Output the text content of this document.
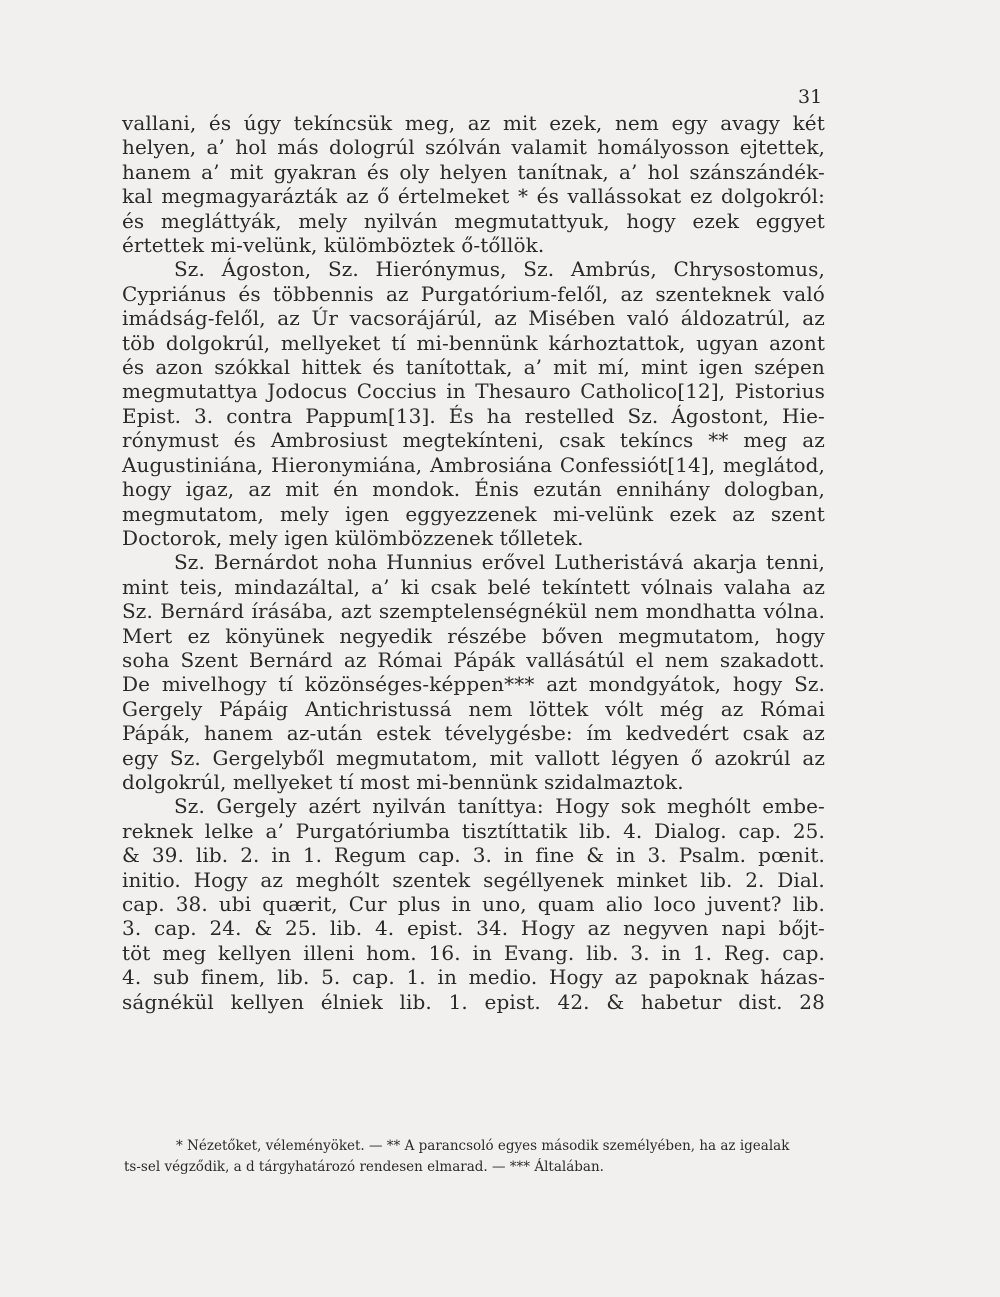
31
vallani, és úgy tekíncsük meg, az mit ezek, nem egy avagy két
helyen, a’ hol más dologrúl szólván valamit homályosson ejtettek,
hanem a’ mit gyakran és oly helyen tanítnak, a’ hol szánszándék-
kal megmagyarázták az ő értelmeket * és vallássokat ez dolgokról:
és megláttyák, mely nyilván megmutattyuk, hogy ezek eggyet
értettek mi-velünk, külömböztek ő-tőllök.
Sz. Ágoston, Sz. Hierónymus, Sz. Ambrús, Chrysostomus,
Cypriánus és többennis az Purgatórium-felől, az szenteknek való
imádság-felől, az Úr vacsorájárúl, az Misében való áldozatrúl, az
töb dolgokrúl, mellyeket tí mi-bennünk kárhoztattok, ugyan azont
és azon szókkal hittek és tanítottak, a’ mit mí, mint igen szépen
megmutattya Jodocus Coccius in Thesauro Catholico[12], Pistorius
Epist. 3. contra Pappum[13]. És ha restelled Sz. Ágostont, Hie-
rónymust és Ambrosiust megtekínteni, csak tekíncs ** meg az
Augustiniána, Hieronymiána, Ambrosiána Confessiót[14], meglátod,
hogy igaz, az mit én mondok. Énis ezután ennihány dologban,
megmutatom, mely igen eggyezzenek mi-velünk ezek az szent
Doctorok, mely igen külömbözzenek tőlletek.
Sz. Bernárdot noha Hunnius erővel Lutheristává akarja tenni,
mint teis, mindazáltal, a’ ki csak belé tekíntett vólnais valaha az
Sz. Bernárd írásába, azt szemptelenségnékül nem mondhatta vólna.
Mert ez könyünek negyedik részébe bőven megmutatom, hogy
soha Szent Bernárd az Római Pápák vallásátúl el nem szakadott.
De mivelhogy tí közönséges-képpen*** azt mondgyátok, hogy Sz.
Gergely Pápáig Antichristussá nem löttek vólt még az Római
Pápák, hanem az-után estek tévelygésbe: ím kedvedért csak az
egy Sz. Gergelyből megmutatom, mit vallott légyen ő azokrúl az
dolgokrúl, mellyeket tí most mi-bennünk szidalmaztok.
Sz. Gergely azért nyilván taníttya: Hogy sok meghólt embe-
reknek lelke a’ Purgatóriumba tisztíttatik lib. 4. Dialog. cap. 25.
& 39. lib. 2. in 1. Regum cap. 3. in fine & in 3. Psalm. pœnit.
initio. Hogy az meghólt szentek segéllyenek minket lib. 2. Dial.
cap. 38. ubi quærit, Cur plus in uno, quam alio loco juvent? lib.
3. cap. 24. & 25. lib. 4. epist. 34. Hogy az negyven napi bőjt-
töt meg kellyen illeni hom. 16. in Evang. lib. 3. in 1. Reg. cap.
4. sub finem, lib. 5. cap. 1. in medio. Hogy az papoknak házas-
ságnékül kellyen élniek lib. 1. epist. 42. & habetur dist. 28
* Nézetőket, véleményöket. — ** A parancsoló egyes második személyében, ha az igealak
ts-sel végződik, a d tárgyhatározó rendesen elmarad. — *** Általában.
